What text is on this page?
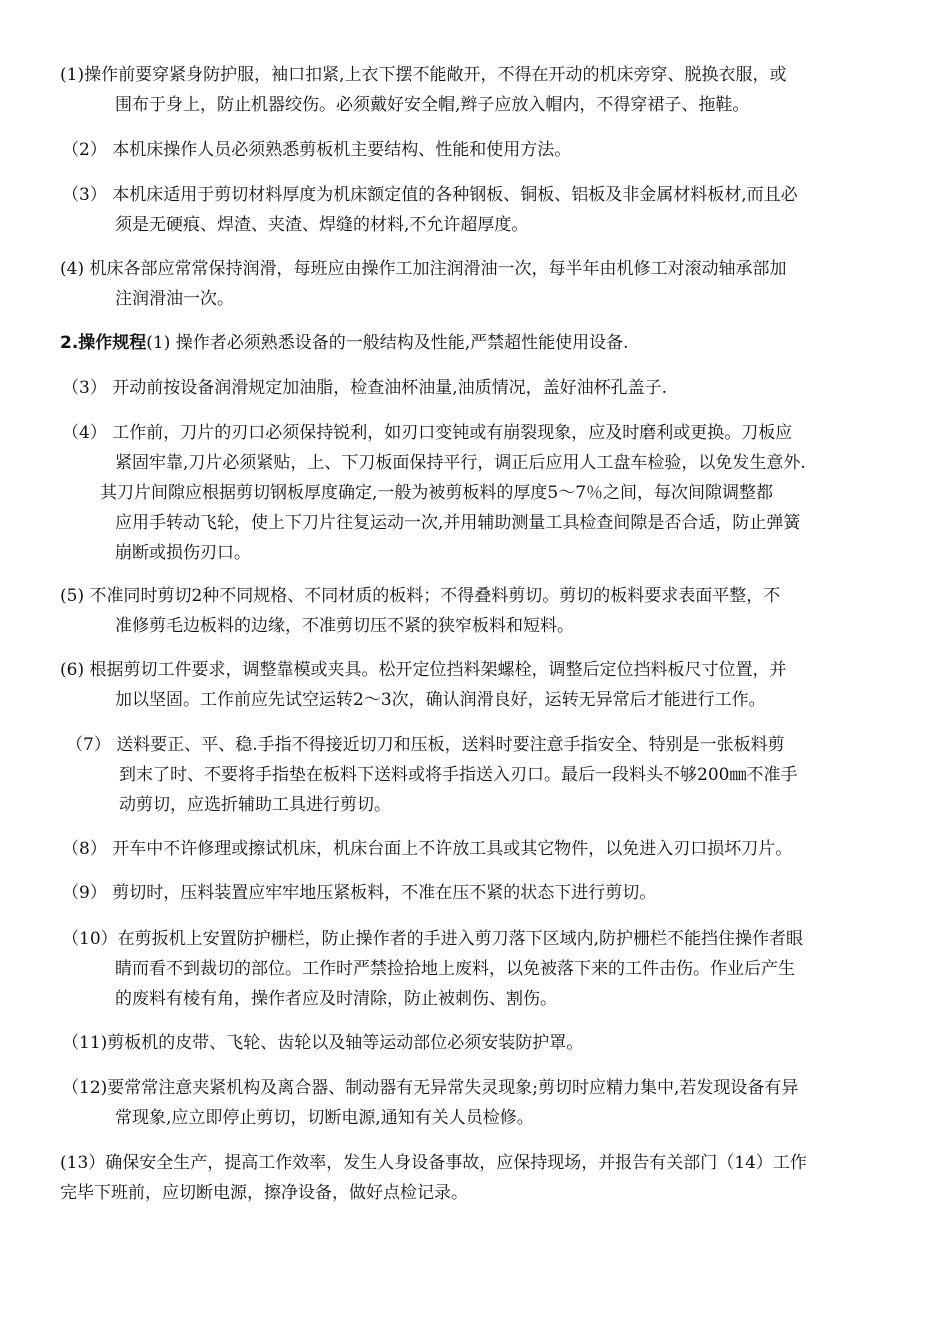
(1)操作前要穿紧身防护服，袖口扣紧,上衣下摆不能敞开，不得在开动的机床旁穿、脱换衣服，或
围布于身上，防止机器绞伤。必须戴好安全帽,辫子应放入帽内，不得穿裙子、拖鞋。
（2） 本机床操作人员必须熟悉剪板机主要结构、性能和使用方法。
（3） 本机床适用于剪切材料厚度为机床额定值的各种钢板、铜板、铝板及非金属材料板材,而且必
须是无硬痕、焊渣、夹渣、焊缝的材料,不允许超厚度。
(4) 机床各部应常常保持润滑，每班应由操作工加注润滑油一次，每半年由机修工对滚动轴承部加
注润滑油一次。
2.操作规程(1) 操作者必须熟悉设备的一般结构及性能,严禁超性能使用设备.
（3） 开动前按设备润滑规定加油脂，检查油杯油量,油质情况，盖好油杯孔盖子.
（4） 工作前，刀片的刃口必须保持锐利，如刃口变钝或有崩裂现象，应及时磨利或更换。刀板应
紧固牢靠,刀片必须紧贴，上、下刀板面保持平行，调正后应用人工盘车检验，以免发生意外.
其刀片间隙应根据剪切钢板厚度确定,一般为被剪板料的厚度5～7％之间，每次间隙调整都
应用手转动飞轮，使上下刀片往复运动一次,并用辅助测量工具检查间隙是否合适，防止弹簧
崩断或损伤刃口。
(5) 不准同时剪切2种不同规格、不同材质的板料；不得叠料剪切。剪切的板料要求表面平整，不
准修剪毛边板料的边缘，不准剪切压不紧的狭窄板料和短料。
(6) 根据剪切工件要求，调整靠模或夹具。松开定位挡料架螺栓，调整后定位挡料板尺寸位置，并
加以坚固。工作前应先试空运转2～3次，确认润滑良好，运转无异常后才能进行工作。
（7） 送料要正、平、稳.手指不得接近切刀和压板，送料时要注意手指安全、特别是一张板料剪
到末了时、不要将手指垫在板料下送料或将手指送入刃口。最后一段料头不够200㎜不准手
动剪切，应选折辅助工具进行剪切。
（8） 开车中不许修理或擦试机床，机床台面上不许放工具或其它物件，以免进入刃口损坏刀片。
（9） 剪切时，压料装置应牢牢地压紧板料，不准在压不紧的状态下进行剪切。
（10）在剪扳机上安置防护栅栏，防止操作者的手进入剪刀落下区域内,防护栅栏不能挡住操作者眼
睛而看不到裁切的部位。工作时严禁捡拾地上废料，以免被落下来的工件击伤。作业后产生
的废料有棱有角，操作者应及时清除，防止被刺伤、割伤。
（11)剪板机的皮带、飞轮、齿轮以及轴等运动部位必须安装防护罩。
（12)要常常注意夹紧机构及离合器、制动器有无异常失灵现象;剪切时应精力集中,若发现设备有异
常现象,应立即停止剪切，切断电源,通知有关人员检修。
(13）确保安全生产，提高工作效率，发生人身设备事故，应保持现场，并报告有关部门（14）工作
完毕下班前，应切断电源，擦净设备，做好点检记录。
